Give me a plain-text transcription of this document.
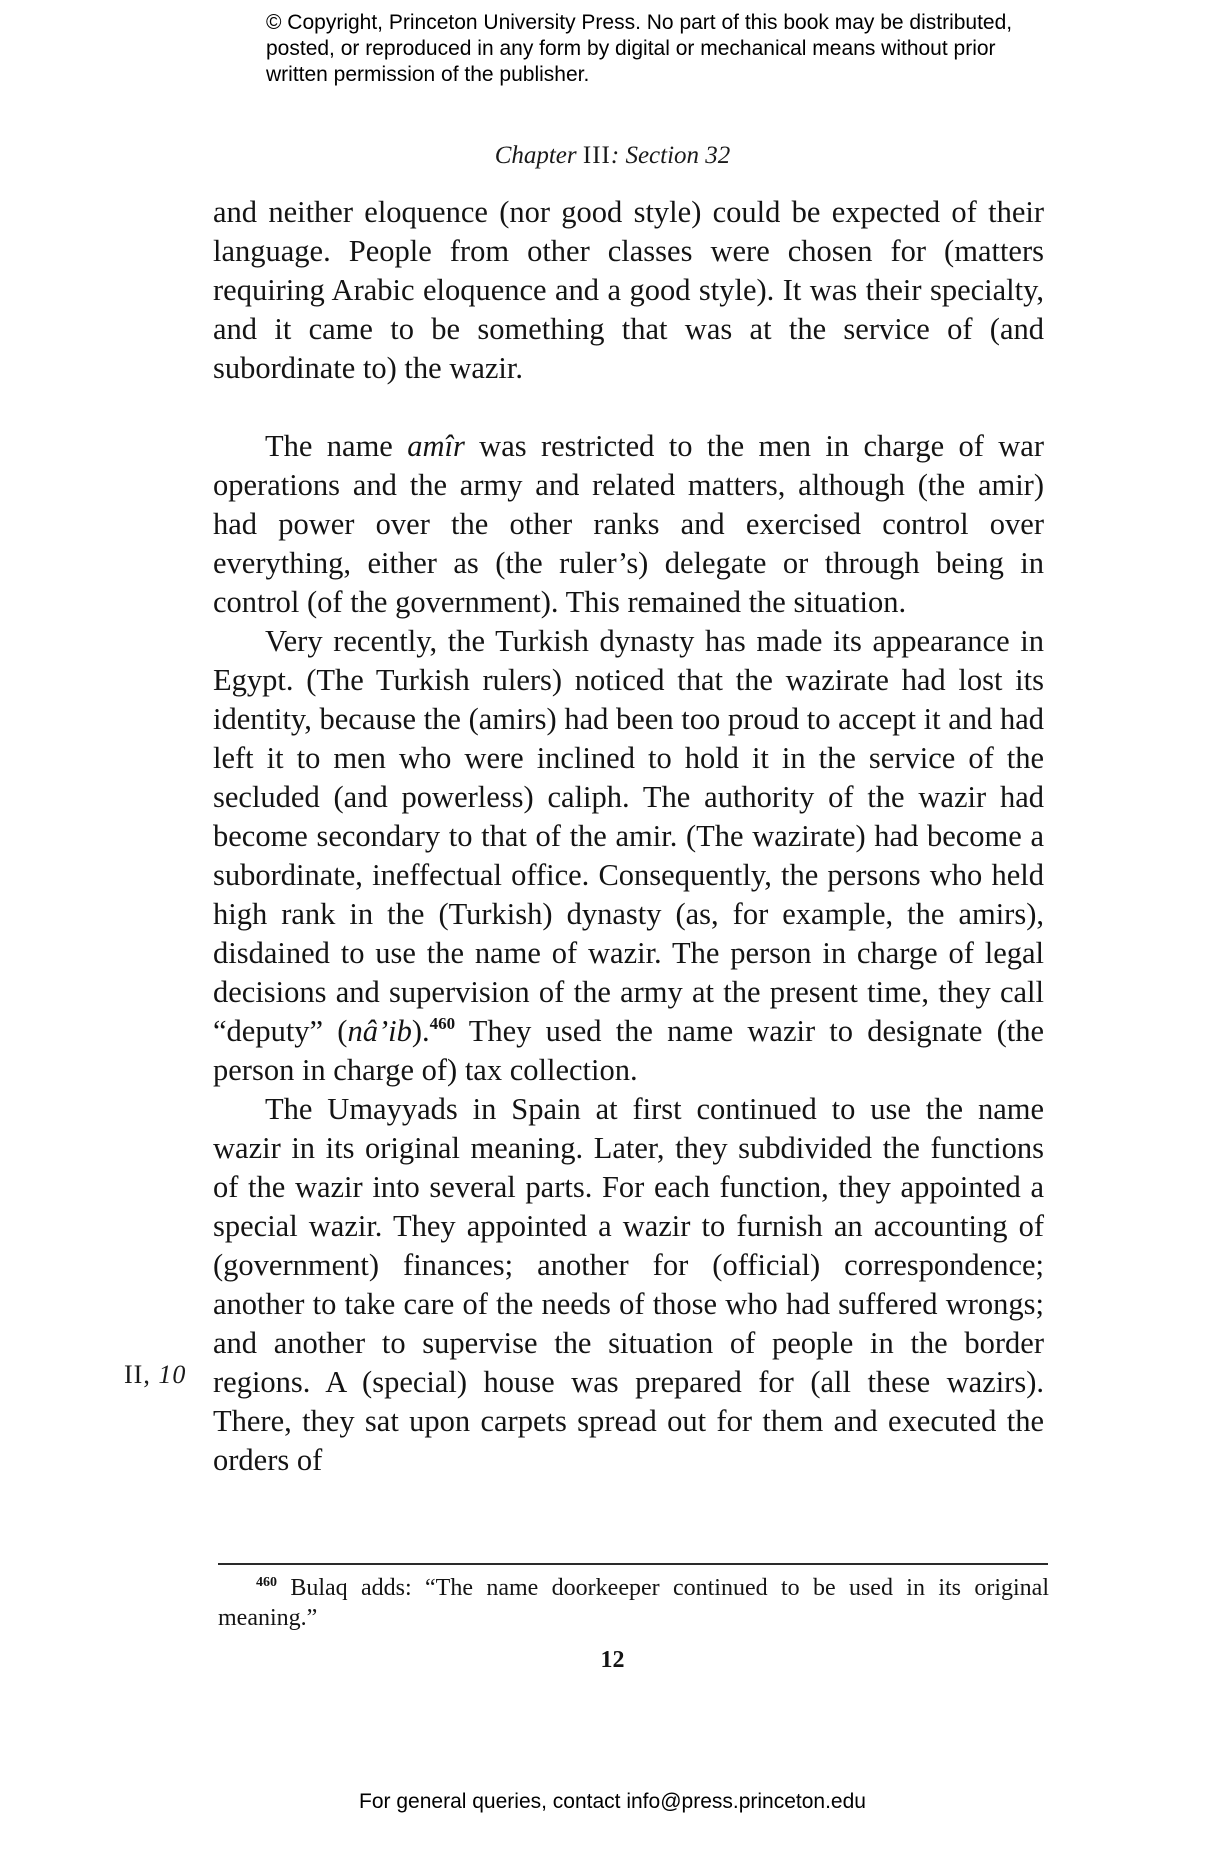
© Copyright, Princeton University Press. No part of this book may be distributed, posted, or reproduced in any form by digital or mechanical means without prior written permission of the publisher.
Chapter III: Section 32

and neither eloquence (nor good style) could be expected of their language. People from other classes were chosen for (matters requiring Arabic eloquence and a good style). It was their specialty, and it came to be something that was at the service of (and subordinate to) the wazir.

The name amîr was restricted to the men in charge of war operations and the army and related matters, although (the amir) had power over the other ranks and exercised control over everything, either as (the ruler’s) delegate or through being in control (of the government). This remained the situation.

Very recently, the Turkish dynasty has made its appearance in Egypt. (The Turkish rulers) noticed that the wazirate had lost its identity, because the (amirs) had been too proud to accept it and had left it to men who were inclined to hold it in the service of the secluded (and powerless) caliph. The authority of the wazir had become secondary to that of the amir. (The wazirate) had become a subordinate, ineffectual office. Consequently, the persons who held high rank in the (Turkish) dynasty (as, for example, the amirs), disdained to use the name of wazir. The person in charge of legal decisions and supervision of the army at the present time, they call “deputy” (nâ’ib).$^{460}$ They used the name wazir to designate (the person in charge of) tax collection.

The Umayyads in Spain at first continued to use the name wazir in its original meaning. Later, they subdivided the functions of the wazir into several parts. For each function, they appointed a special wazir. They appointed a wazir to furnish an accounting of (government) finances; another for (official) correspondence; another to take care of the needs of those who had suffered wrongs; and another to supervise the situation of people in the border regions. A (special) house was prepared for (all these wazirs). There, they sat upon carpets spread out for them and executed the orders of

II, 10
$^{460}$ Bulaq adds: “The name doorkeeper continued to be used in its original meaning.”
12
For general queries, contact info@press.princeton.edu
